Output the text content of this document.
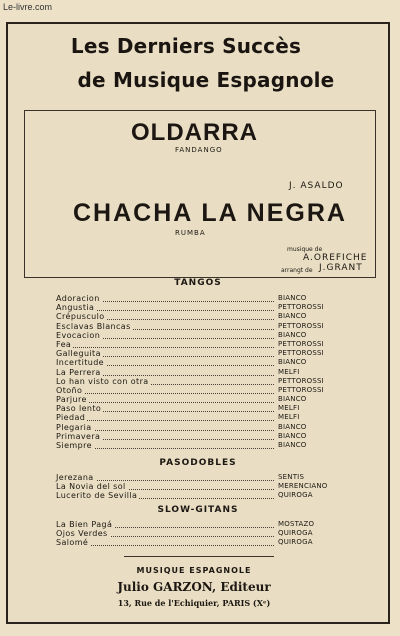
Le-livre.com
Les Derniers Succès
de Musique Espagnole
OLDARRA
FANDANGO
J. ASALDO
CHACHA LA NEGRA
RUMBA
musique de
A.OREFICHE
arrangt de J.GRANT
TANGOS
Adoracion	BIANCO
Angustia	PETTOROSSI
Crépusculo	BIANCO
Esclavas Blancas	PETTOROSSI
Evocacion	BIANCO
Fea	PETTOROSSI
Galleguita	PETTOROSSI
Incertitude	BIANCO
La Perrera	MELFI
Lo han visto con otra	PETTOROSSI
Otoño	PETTOROSSI
Parjure	BIANCO
Paso lento	MELFI
Piedad	MELFI
Plegaria	BIANCO
Primavera	BIANCO
Siempre	BIANCO
PASODOBLES
Jerezana	SENTIS
La Novia del sol	MERENCIANO
Lucerito de Sevilla	QUIROGA
SLOW-GITANS
La Bien Pagá	MOSTAZO
Ojos Verdes	QUIROGA
Salomé	QUIROGA
MUSIQUE ESPAGNOLE
Julio GARZON, Editeur
13, Rue de l'Echiquier, PARIS (Xᵉ)
